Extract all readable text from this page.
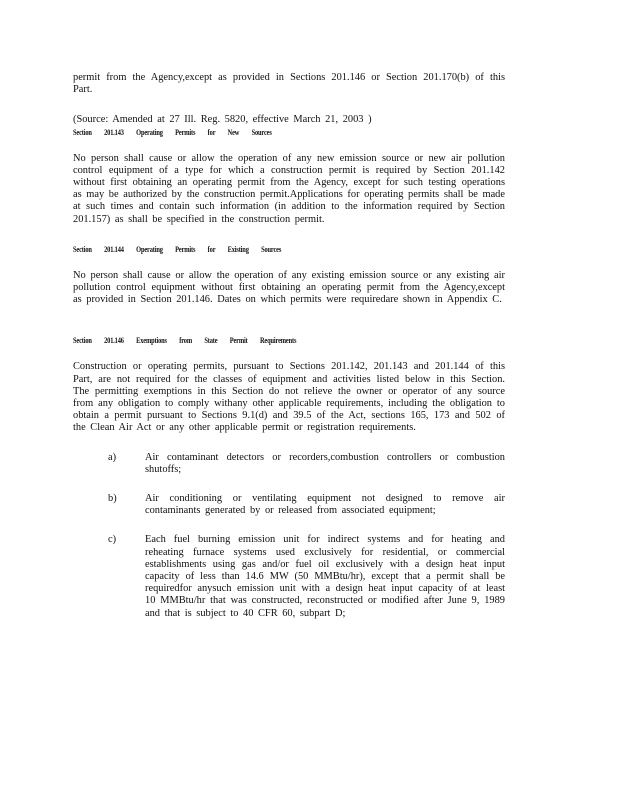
permit from the Agency,except as provided in Sections 201.146 or Section 201.170(b) of this Part.

(Source: Amended at 27 Ill. Reg. 5820, effective March 21, 2003 )

Section 201.143 Operating Permits for New Sources

No person shall cause or allow the operation of any new emission source or new air pollution control equipment of a type for which a construction permit is required by Section 201.142 without first obtaining an operating permit from the Agency, except for such testing operations as may be authorized by the construction permit.Applications for operating permits shall be made at such times and contain such information (in addition to the information required by Section 201.157) as shall be specified in the construction permit.

Section 201.144 Operating Permits for Existing Sources

No person shall cause or allow the operation of any existing emission source or any existing air pollution control equipment without first obtaining an operating permit from the Agency,except as provided in Section 201.146. Dates on which permits were requiredare shown in Appendix C.

Section 201.146 Exemptions from State Permit Requirements

Construction or operating permits, pursuant to Sections 201.142, 201.143 and 201.144 of this Part, are not required for the classes of equipment and activities listed below in this Section. The permitting exemptions in this Section do not relieve the owner or operator of any source from any obligation to comply withany other applicable requirements, including the obligation to obtain a permit pursuant to Sections 9.1(d) and 39.5 of the Act, sections 165, 173 and 502 of the Clean Air Act or any other applicable permit or registration requirements.

a)	Air contaminant detectors or recorders,combustion controllers or combustion shutoffs;
b)	Air conditioning or ventilating equipment not designed to remove air contaminants generated by or released from associated equipment;
c)	Each fuel burning emission unit for indirect systems and for heating and reheating furnace systems used exclusively for residential, or commercial establishments using gas and/or fuel oil exclusively with a design heat input capacity of less than 14.6 MW (50 MMBtu/hr), except that a permit shall be requiredfor anysuch emission unit with a design heat input capacity of at least 10 MMBtu/hr that was constructed, reconstructed or modified after June 9, 1989 and that is subject to 40 CFR 60, subpart D;
